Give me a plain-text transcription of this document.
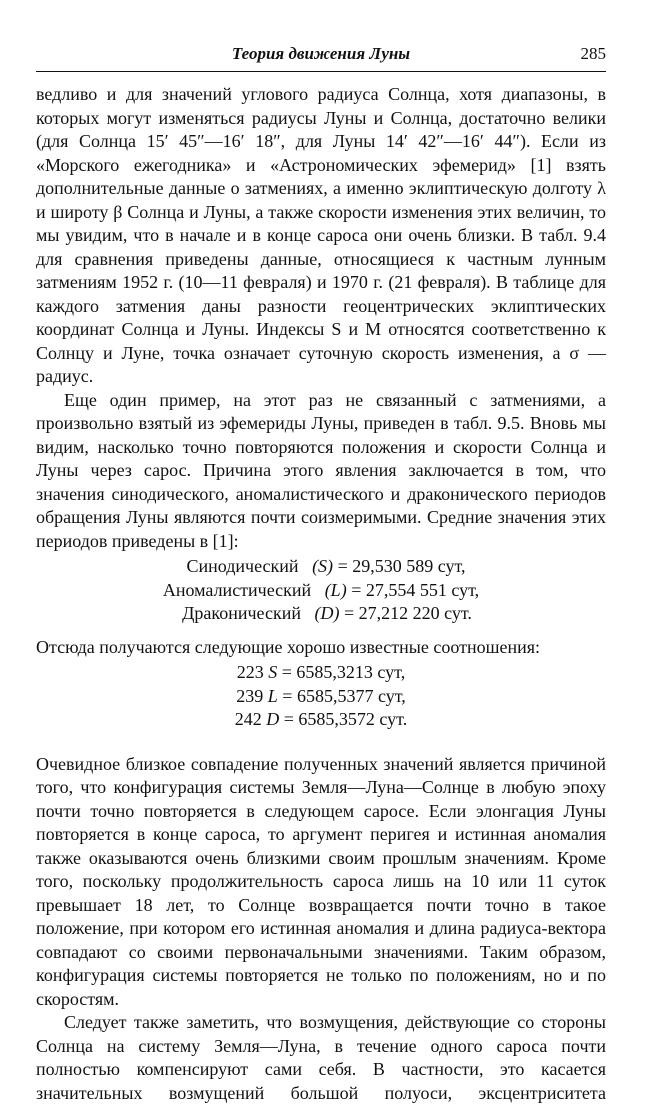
Теория движения Луны	285

ведливо и для значений углового радиуса Солнца, хотя диапазоны, в которых могут изменяться радиусы Луны и Солнца, достаточно велики (для Солнца 15′ 45″—16′ 18″, для Луны 14′ 42″—16′ 44″). Если из «Морского ежегодника» и «Астрономических эфемерид» [1] взять дополнительные данные о затмениях, а именно эклиптическую долготу λ и широту β Солнца и Луны, а также скорости изменения этих величин, то мы увидим, что в начале и в конце сароса они очень близки. В табл. 9.4 для сравнения приведены данные, относящиеся к частным лунным затмениям 1952 г. (10—11 февраля) и 1970 г. (21 февраля). В таблице для каждого затмения даны разности геоцентрических эклиптических координат Солнца и Луны. Индексы S и M относятся соответственно к Солнцу и Луне, точка означает суточную скорость изменения, а σ — радиус.

Еще один пример, на этот раз не связанный с затмениями, а произвольно взятый из эфемериды Луны, приведен в табл. 9.5. Вновь мы видим, насколько точно повторяются положения и скорости Солнца и Луны через сарос. Причина этого явления заключается в том, что значения синодического, аномалистического и драконического периодов обращения Луны являются почти соизмеримыми. Средние значения этих периодов приведены в [1]:

Синодический (S) = 29,530 589 сут,
Аномалистический (L) = 27,554 551 сут,
Драконический (D) = 27,212 220 сут.

Отсюда получаются следующие хорошо известные соотношения:

223 S = 6585,3213 сут,
239 L = 6585,5377 сут,
242 D = 6585,3572 сут.

Очевидное близкое совпадение полученных значений является причиной того, что конфигурация системы Земля—Луна—Солнце в любую эпоху почти точно повторяется в следующем саросе. Если элонгация Луны повторяется в конце сароса, то аргумент перигея и истинная аномалия также оказываются очень близкими своим прошлым значениям. Кроме того, поскольку продолжительность сароса лишь на 10 или 11 суток превышает 18 лет, то Солнце возвращается почти точно в такое положение, при котором его истинная аномалия и длина радиуса-вектора совпадают со своими первоначальными значениями. Таким образом, конфигурация системы повторяется не только по положениям, но и по скоростям.

Следует также заметить, что возмущения, действующие со стороны Солнца на систему Земля—Луна, в течение одного сароса почти полностью компенсируют сами себя. В частности, это касается значительных возмущений большой полуоси, эксцентриситета
